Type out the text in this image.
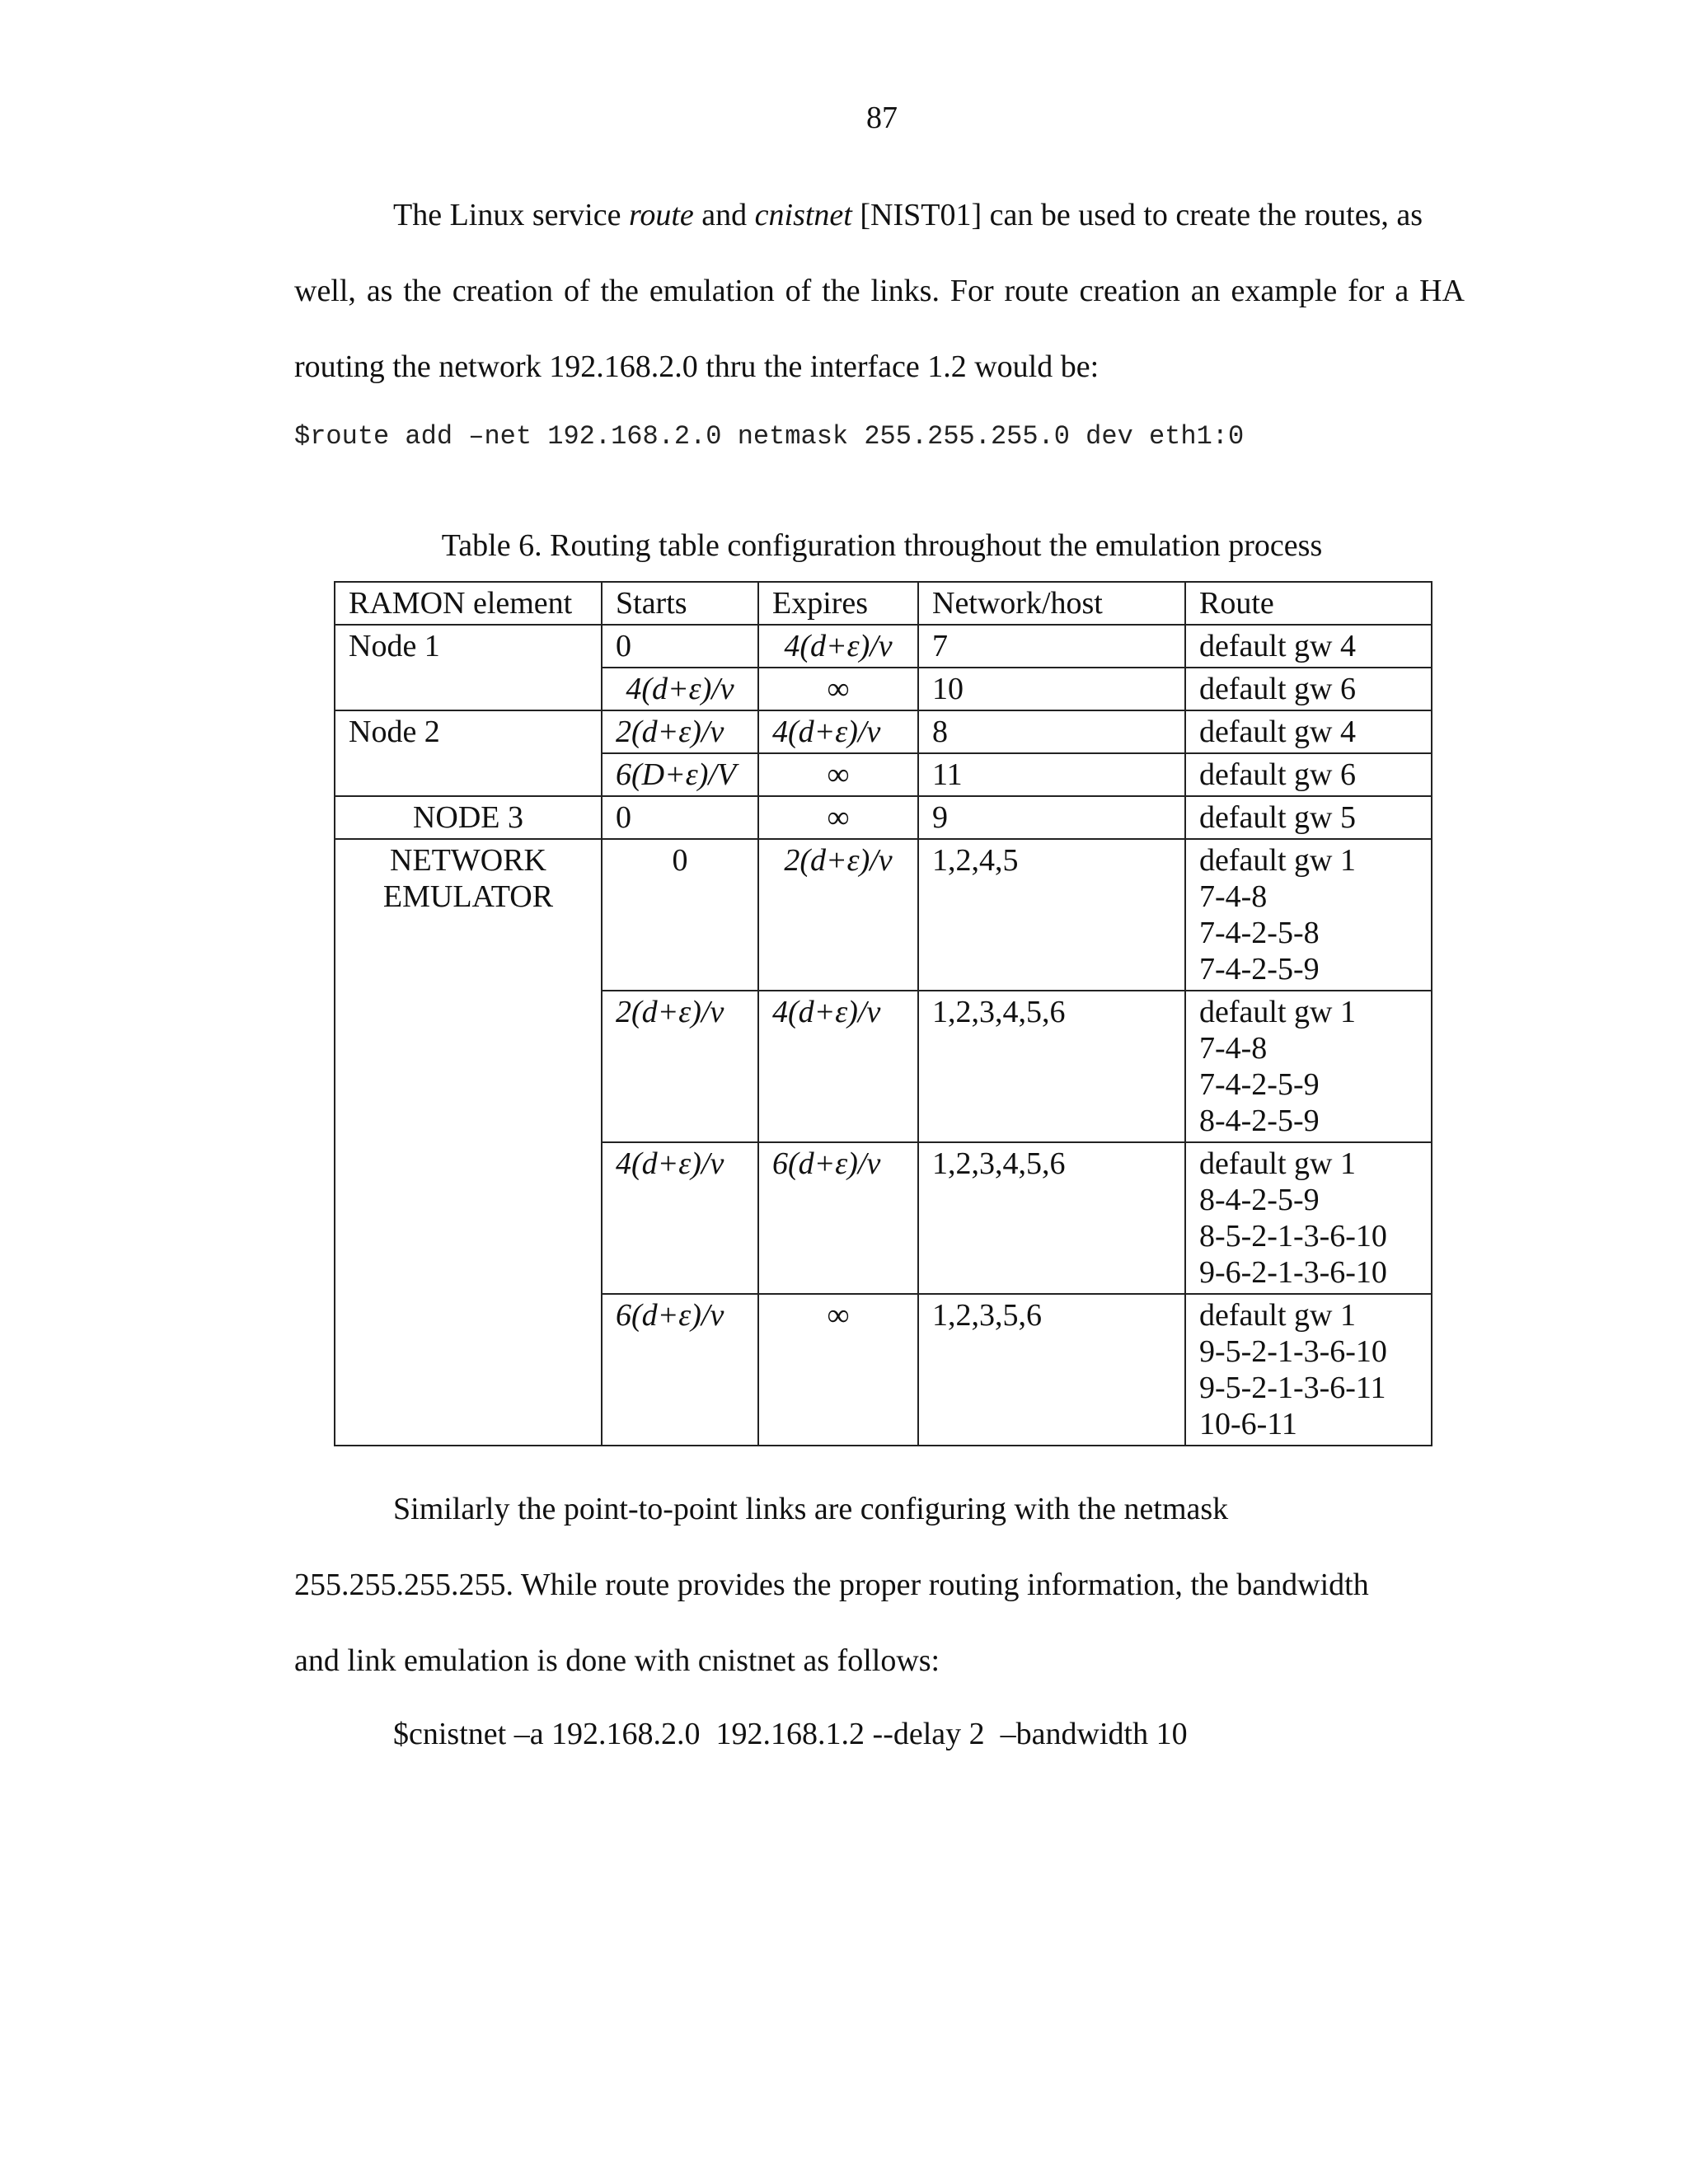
87

The Linux service route and cnistnet [NIST01] can be used to create the routes, as
well, as the creation of the emulation of the links. For route creation an example for a HA
routing the network 192.168.2.0 thru the interface 1.2 would be:

$route add –net 192.168.2.0 netmask 255.255.255.0 dev eth1:0
Table 6. Routing table configuration throughout the emulation process
RAMON element	Starts	Expires	Network/host	Route
Node 1	0	4(d+ε)/v	7	default gw 4
	4(d+ε)/v	∞	10	default gw 6
Node 2	2(d+ε)/v	4(d+ε)/v	8	default gw 4
	6(D+ε)/V	∞	11	default gw 6
NODE 3	0	∞	9	default gw 5
NETWORK
EMULATOR	0	2(d+ε)/v	1,2,4,5	default gw 1
7-4-8
7-4-2-5-8
7-4-2-5-9

	2(d+ε)/v	4(d+ε)/v	1,2,3,4,5,6	default gw 1
7-4-8
7-4-2-5-9
8-4-2-5-9

	4(d+ε)/v	6(d+ε)/v	1,2,3,4,5,6	default gw 1
8-4-2-5-9
8-5-2-1-3-6-10
9-6-2-1-3-6-10

	6(d+ε)/v	∞	1,2,3,5,6	default gw 1
9-5-2-1-3-6-10
9-5-2-1-3-6-11
10-6-11

Similarly the point-to-point links are configuring with the netmask
255.255.255.255. While route provides the proper routing information, the bandwidth
and link emulation is done with cnistnet as follows:

$cnistnet –a 192.168.2.0  192.168.1.2 --delay 2  –bandwidth 10
